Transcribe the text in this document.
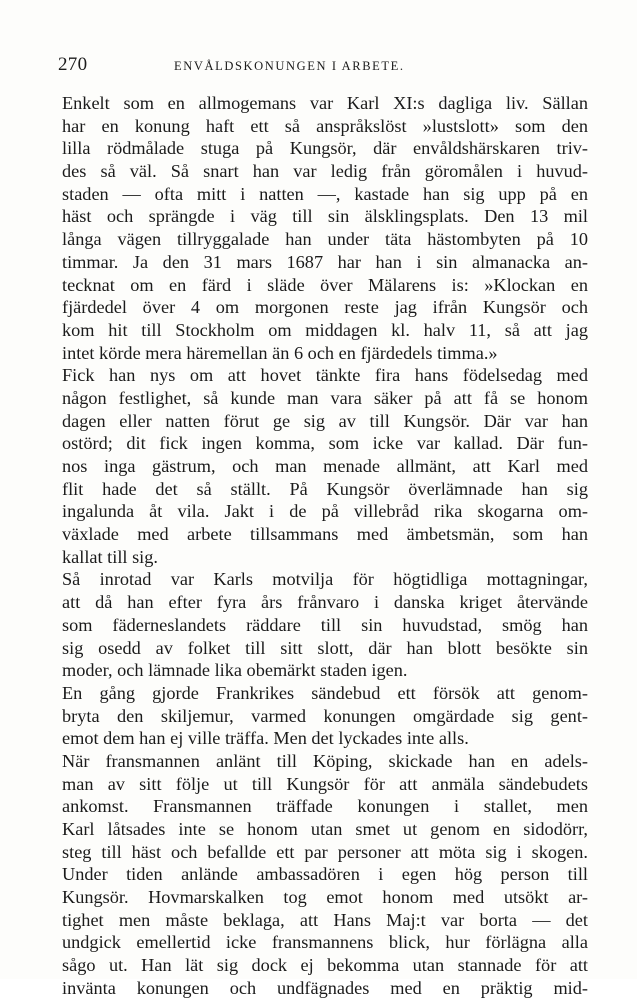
270	ENVÅLDSKONUNGEN I ARBETE.
Enkelt som en allmogemans var Karl XI:s dagliga liv. Sällan
har en konung haft ett så anspråkslöst »lustslott» som den
lilla rödmålade stuga på Kungsör, där envåldshärskaren triv-
des så väl. Så snart han var ledig från göromålen i huvud-
staden — ofta mitt i natten —, kastade han sig upp på en
häst och sprängde i väg till sin älsklingsplats. Den 13 mil
långa vägen tillryggalade han under täta hästombyten på 10
timmar. Ja den 31 mars 1687 har han i sin almanacka an-
tecknat om en färd i släde över Mälarens is: »Klockan en
fjärdedel över 4 om morgonen reste jag ifrån Kungsör och
kom hit till Stockholm om middagen kl. halv 11, så att jag
intet körde mera häremellan än 6 och en fjärdedels timma.»
Fick han nys om att hovet tänkte fira hans födelsedag med
någon festlighet, så kunde man vara säker på att få se honom
dagen eller natten förut ge sig av till Kungsör. Där var han
ostörd; dit fick ingen komma, som icke var kallad. Där fun-
nos inga gästrum, och man menade allmänt, att Karl med
flit hade det så ställt. På Kungsör överlämnade han sig
ingalunda åt vila. Jakt i de på villebråd rika skogarna om-
växlade med arbete tillsammans med ämbetsmän, som han
kallat till sig.
Så inrotad var Karls motvilja för högtidliga mottagningar,
att då han efter fyra års frånvaro i danska kriget återvände
som fäderneslandets räddare till sin huvudstad, smög han
sig osedd av folket till sitt slott, där han blott besökte sin
moder, och lämnade lika obemärkt staden igen.
En gång gjorde Frankrikes sändebud ett försök att genom-
bryta den skiljemur, varmed konungen omgärdade sig gent-
emot dem han ej ville träffa. Men det lyckades inte alls.
När fransmannen anlänt till Köping, skickade han en adels-
man av sitt följe ut till Kungsör för att anmäla sändebudets
ankomst. Fransmannen träffade konungen i stallet, men
Karl låtsades inte se honom utan smet ut genom en sidodörr,
steg till häst och befallde ett par personer att möta sig i skogen.
Under tiden anlände ambassadören i egen hög person till
Kungsör. Hovmarskalken tog emot honom med utsökt ar-
tighet men måste beklaga, att Hans Maj:t var borta — det
undgick emellertid icke fransmannens blick, hur förlägna alla
sågo ut. Han lät sig dock ej bekomma utan stannade för att
invänta konungen och undfägnades med en präktig mid-
